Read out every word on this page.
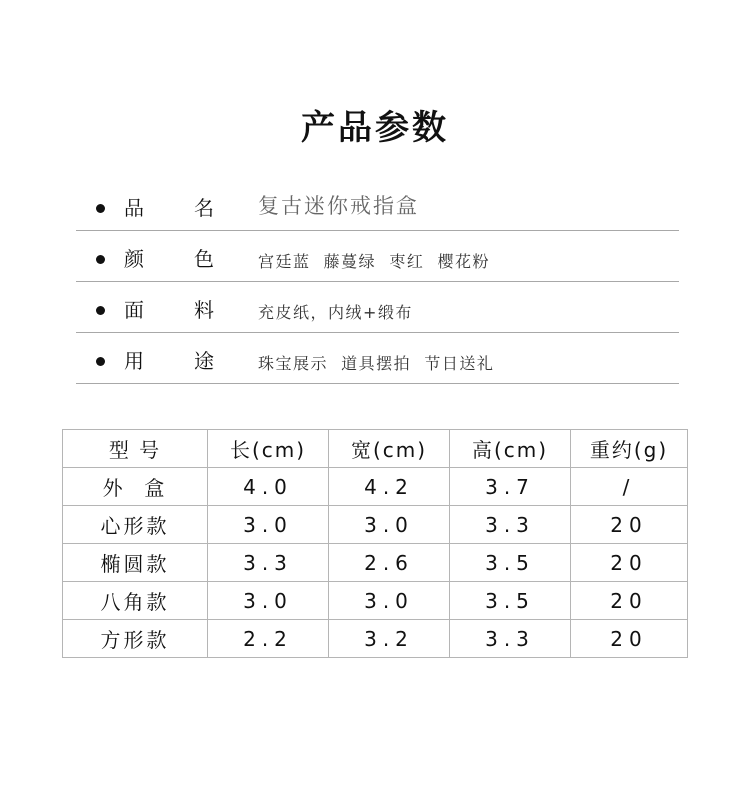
产品参数
品	名 复古迷你戒指盒
颜	色	宫廷蓝  藤蔓绿  枣红  樱花粉
面	料	充皮纸，内绒+缎布
用	途	珠宝展示  道具摆拍  节日送礼
型 号	长(cm)	宽(cm)	高(cm)	重约(g)
外  盒	4.0	4.2	3.7	/
心形款	3.0	3.0	3.3	20
椭圆款	3.3	2.6	3.5	20
八角款	3.0	3.0	3.5	20
方形款	2.2	3.2	3.3	20
